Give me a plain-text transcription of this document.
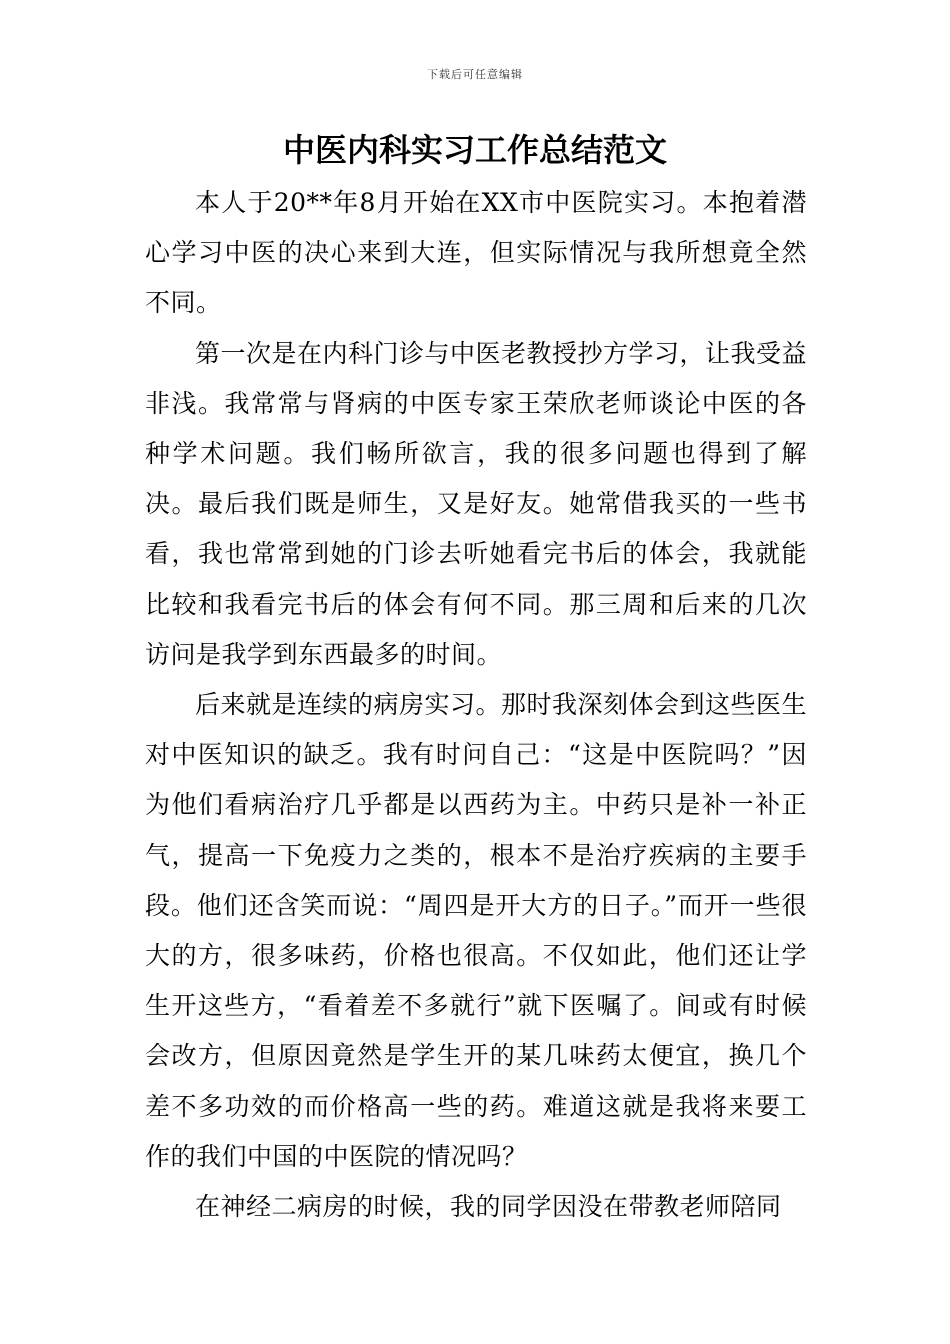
下载后可任意编辑
中医内科实习工作总结范文

本人于20**年8月开始在XX市中医院实习。本抱着潜心学习中医的决心来到大连，但实际情况与我所想竟全然不同。

第一次是在内科门诊与中医老教授抄方学习，让我受益非浅。我常常与肾病的中医专家王荣欣老师谈论中医的各种学术问题。我们畅所欲言，我的很多问题也得到了解决。最后我们既是师生，又是好友。她常借我买的一些书看，我也常常到她的门诊去听她看完书后的体会，我就能比较和我看完书后的体会有何不同。那三周和后来的几次访问是我学到东西最多的时间。

后来就是连续的病房实习。那时我深刻体会到这些医生对中医知识的缺乏。我有时问自己：“这是中医院吗？”因为他们看病治疗几乎都是以西药为主。中药只是补一补正气，提高一下免疫力之类的，根本不是治疗疾病的主要手段。他们还含笑而说：“周四是开大方的日子。”而开一些很大的方，很多味药，价格也很高。不仅如此，他们还让学生开这些方，“看着差不多就行”就下医嘱了。间或有时候会改方，但原因竟然是学生开的某几味药太便宜，换几个差不多功效的而价格高一些的药。难道这就是我将来要工作的我们中国的中医院的情况吗？

在神经二病房的时候，我的同学因没在带教老师陪同
